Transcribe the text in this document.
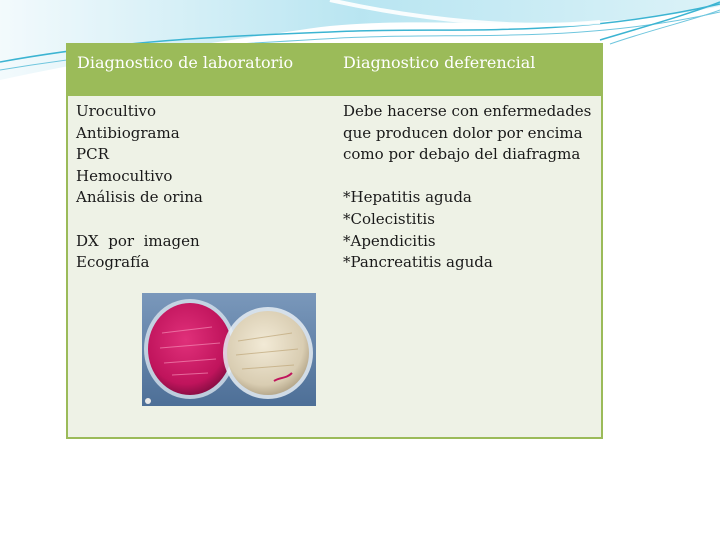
Diagnostico de laboratorio	Diagnostico deferencial
Urocultivo
Antibiograma
PCR
Hemocultivo
Análisis de orina
DX  por  imagen
Ecografía
Debe hacerse con enfermedades
que producen dolor por encima
como por debajo del diafragma
*Hepatitis aguda
*Colecistitis
*Apendicitis
*Pancreatitis aguda
